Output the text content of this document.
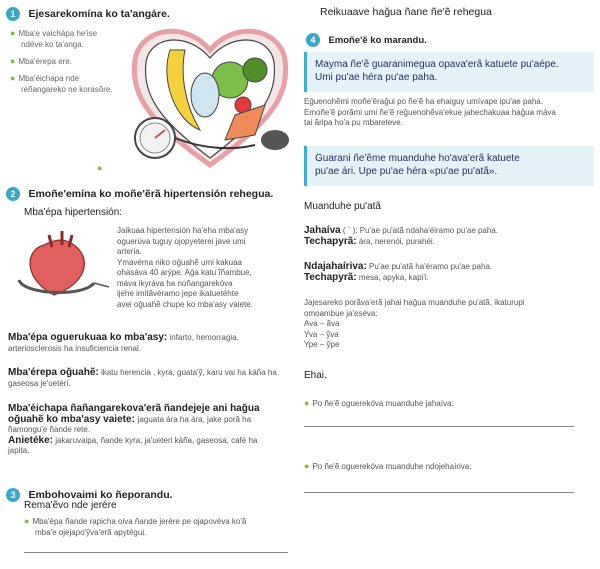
1 Ejesarekomína ko ta'angáre.
● Mba'e vaichápa he'ise
ndéve ko ta'anga.
● Mba'érepa ere.
● Mba'éichapa nde
reñangareko ne korasõre.
●
2 Emoñe'emína ko moñe'ẽrã hipertensión rehegua.
Mba'épa hipertensión:
Jaikuaa hipertensión ha'eha mba'asy
oguerúva tuguy ojopyeterei jave umi
arteria.
Ymavéma niko oğuahẽ umi kakuaa
ohasáva 40 arýpe. Ağa katu ĩñambue,
máva ikyráva ha noñangarekóva
ijehe imitãvéramo jepe ikatuetéhte
avei oğuahẽ chupe ko mba'asy vaiete.
Mba'épa oguerukuaa ko mba'asy: infarto, hemorragia,
arteriosclerosis ha insuficiencia renal.
Mba'érepa oğuahẽ: ikatu herencia , kyra, guata'ỹ, karu vai ha káña ha
gaseosa je'uetéri.
Mba'éichapa ñañangarekova'erã ñandejeje ani hağua
oğuahẽ ko mba'asy vaiete: jaguata ára ha ára, jake porã ha
ñamongu'e ñande rete.
Anietéke: jakaruvaipa, ñande kyra, ja'ueteri káña, gaseosa, café ha
japita.
3 Embohovaimi ko ñeporandu.
Rema'ẽvo nde jerére
● Mba'épa ñande rapicha oiva ñande jerére pe ojapovéva ko'ã
mba'e ojejapo'ỹva'erã apytégui.
Reikuaave hağua ñane ñe'ẽ rehegua
4 Emoñe'ẽ ko marandu.
Mayma ñe'ẽ guaranimegua opava'erã katuete pu'aépe.
Umi pu'ae héra pu'ae paha.
Eğuenohẽmi moñe'ẽrağui po ñe'ẽ ha ehaiguy umívape ipu'ae paha.
Emoñe'ẽ porãmi umi ñe'ẽ reğuenohẽva'ekue jahechakuaa hağua máva
tai ãripa ho'a pu mbareteve.
Guarani ñe'ẽme muanduhe ho'ava'erã katuete
pu'ae ári. Upe pu'ae héra «pu'ae pu'atã».
Muanduhe pu'atã
Jahaíva ( ´ ): Pu'ae pu'atã ndaha'éiramo pu'ae paha.
Techapyrã: ára, nerenói, purahéi.
Ndajahaíriva: Pu'ae pu'atã ha'éramo pu'ae paha.
Techapyrã: mesa, apyka, kapi'i.
Jajesareko porãva'erã jahai hağua muanduhe pu'atã, ikaturupi
omoambue ja'eséva:
Ava – ãva
Yva – ỹva
Ype – ỹpe
Ehai.
● Po ñe'ẽ oguerekóva muanduhe jahaíva:
● Po ñe'ẽ oguerekóva muanduhe ndojehaíriva:
